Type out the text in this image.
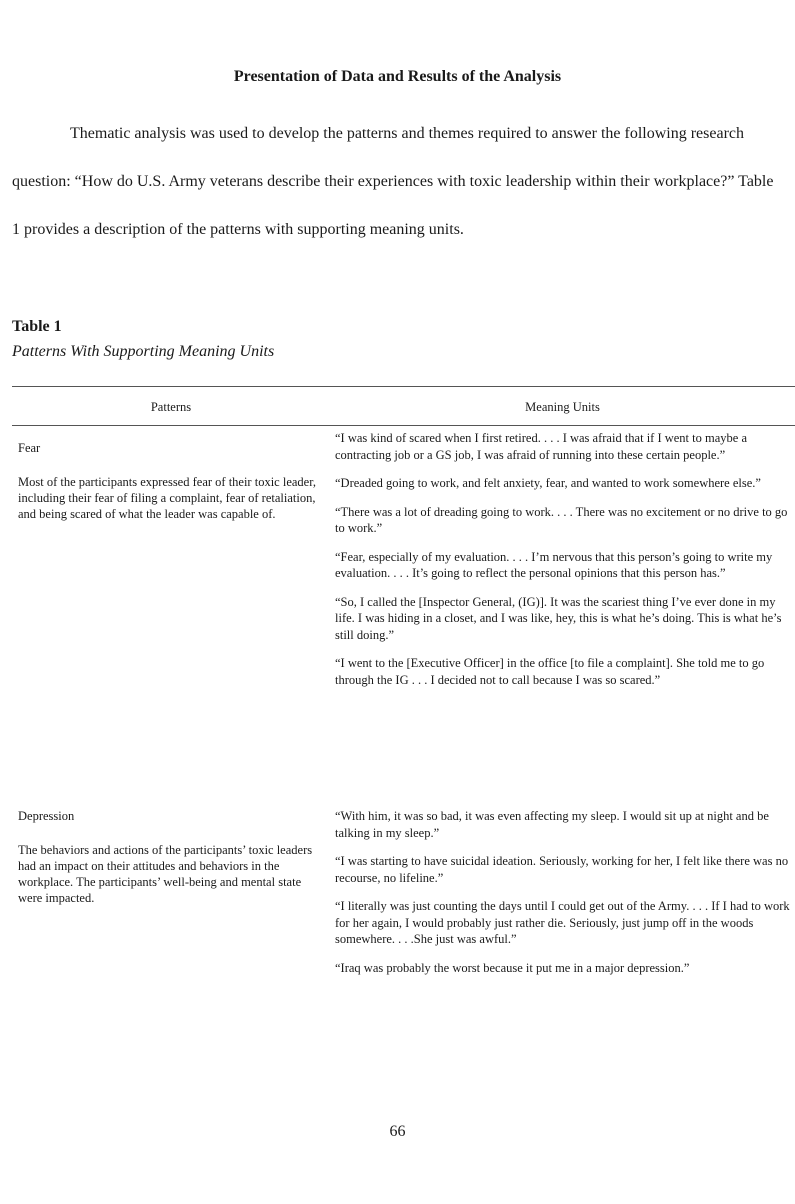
Presentation of Data and Results of the Analysis

Thematic analysis was used to develop the patterns and themes required to answer the following research question: “How do U.S. Army veterans describe their experiences with toxic leadership within their workplace?” Table 1 provides a description of the patterns with supporting meaning units.

Table 1
Patterns With Supporting Meaning Units
Patterns	Meaning Units
Fear
Most of the participants expressed fear of their toxic leader, including their fear of filing a complaint, fear of retaliation, and being scared of what the leader was capable of.

“I was kind of scared when I first retired. . . . I was afraid that if I went to maybe a contracting job or a GS job, I was afraid of running into these certain people.”

“Dreaded going to work, and felt anxiety, fear, and wanted to work somewhere else.”

“There was a lot of dreading going to work. . . . There was no excitement or no drive to go to work.”

“Fear, especially of my evaluation. . . . I’m nervous that this person’s going to write my evaluation. . . . It’s going to reflect the personal opinions that this person has.”

“So, I called the [Inspector General, (IG)]. It was the scariest thing I’ve ever done in my life. I was hiding in a closet, and I was like, hey, this is what he’s doing. This is what he’s still doing.”

“I went to the [Executive Officer] in the office [to file a complaint]. She told me to go through the IG . . . I decided not to call because I was so scared.”

Depression
The behaviors and actions of the participants’ toxic leaders had an impact on their attitudes and behaviors in the workplace. The participants’ well-being and mental state were impacted.

“With him, it was so bad, it was even affecting my sleep. I would sit up at night and be talking in my sleep.”

“I was starting to have suicidal ideation. Seriously, working for her, I felt like there was no recourse, no lifeline.”

“I literally was just counting the days until I could get out of the Army. . . . If I had to work for her again, I would probably just rather die. Seriously, just jump off in the woods somewhere. . . .She just was awful.”

“Iraq was probably the worst because it put me in a major depression.”

66
